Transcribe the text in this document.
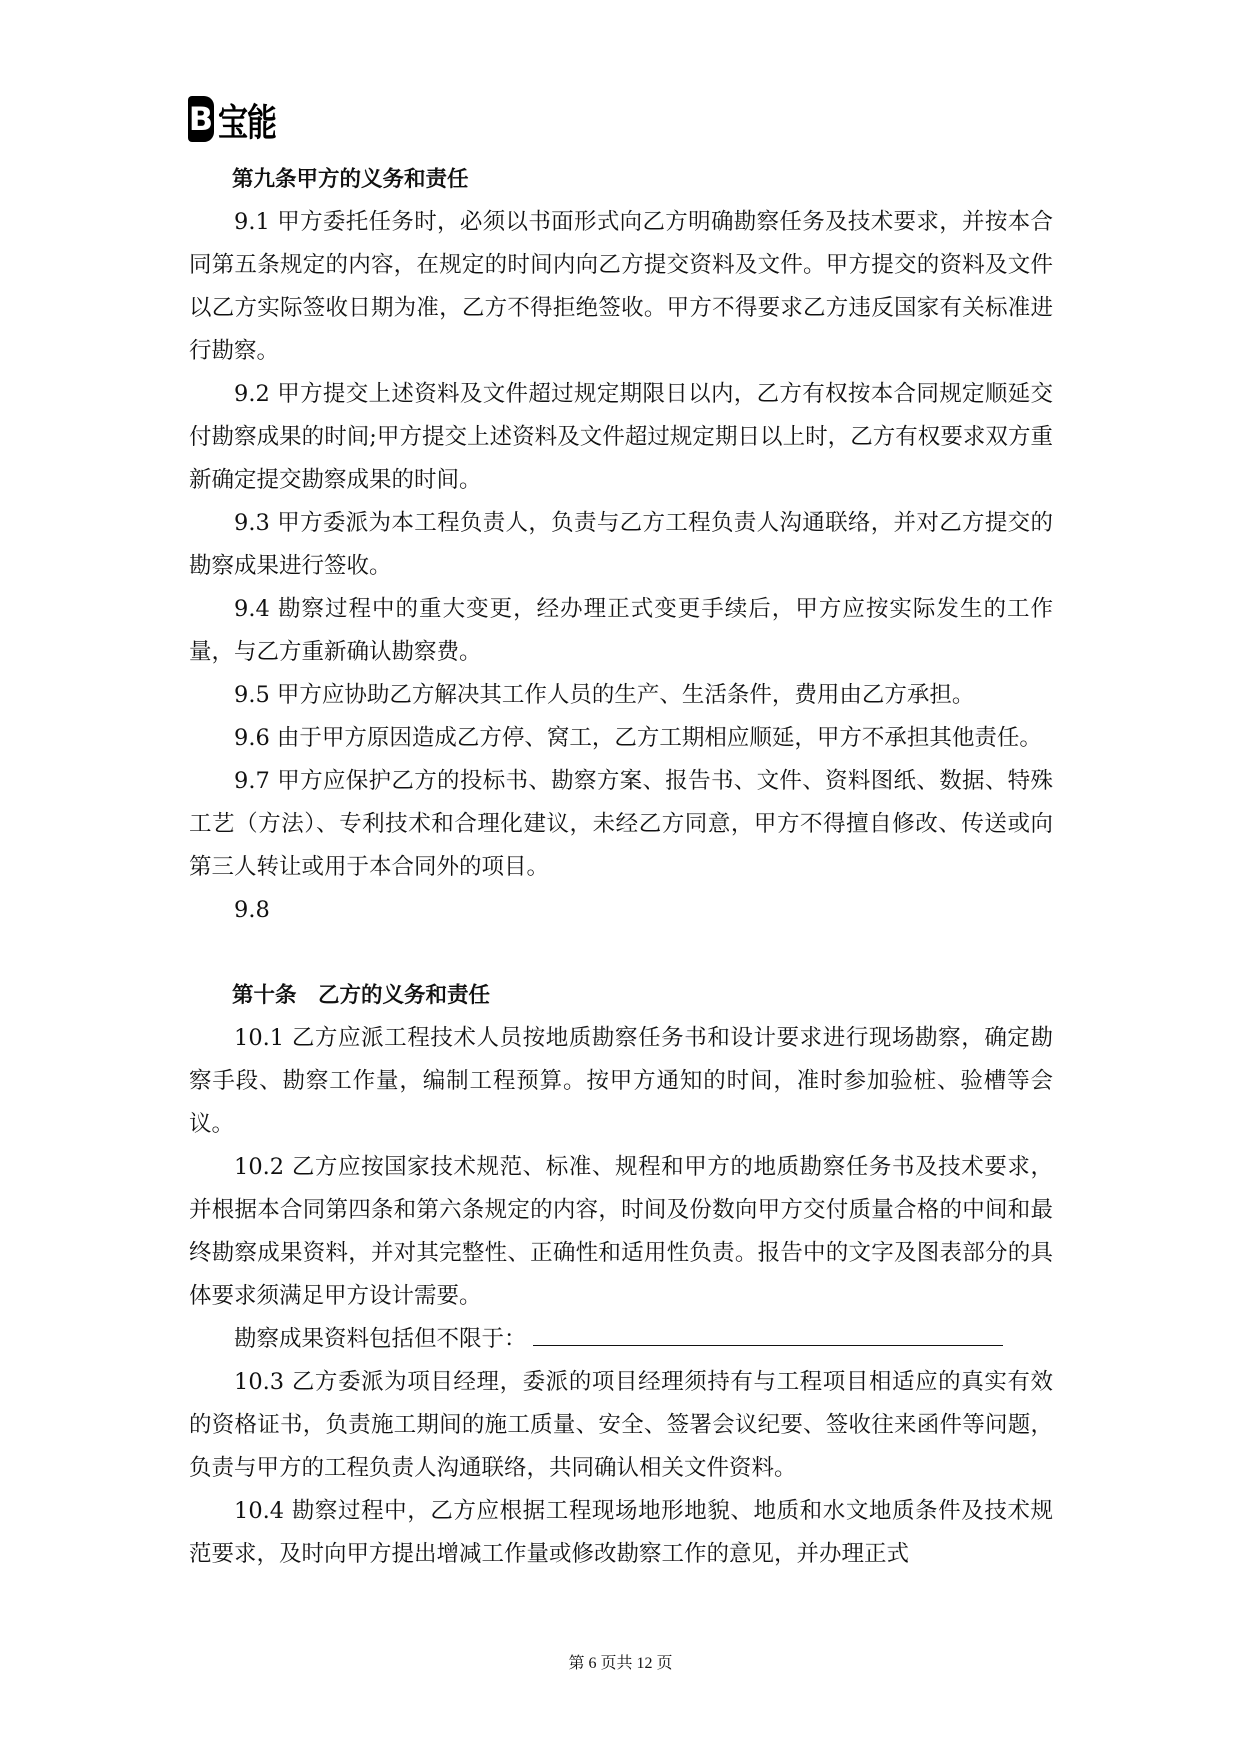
B 宝能

第九条甲方的义务和责任

9.1 甲方委托任务时，必须以书面形式向乙方明确勘察任务及技术要求，并按本合同第五条规定的内容，在规定的时间内向乙方提交资料及文件。甲方提交的资料及文件以乙方实际签收日期为准，乙方不得拒绝签收。甲方不得要求乙方违反国家有关标准进行勘察。

9.2 甲方提交上述资料及文件超过规定期限日以内，乙方有权按本合同规定顺延交付勘察成果的时间;甲方提交上述资料及文件超过规定期日以上时，乙方有权要求双方重新确定提交勘察成果的时间。

9.3 甲方委派为本工程负责人，负责与乙方工程负责人沟通联络，并对乙方提交的勘察成果进行签收。

9.4 勘察过程中的重大变更，经办理正式变更手续后，甲方应按实际发生的工作量，与乙方重新确认勘察费。

9.5 甲方应协助乙方解决其工作人员的生产、生活条件，费用由乙方承担。

9.6 由于甲方原因造成乙方停、窝工，乙方工期相应顺延，甲方不承担其他责任。

9.7 甲方应保护乙方的投标书、勘察方案、报告书、文件、资料图纸、数据、特殊工艺（方法）、专利技术和合理化建议，未经乙方同意，甲方不得擅自修改、传送或向第三人转让或用于本合同外的项目。

9.8

第十条　乙方的义务和责任

10.1 乙方应派工程技术人员按地质勘察任务书和设计要求进行现场勘察，确定勘察手段、勘察工作量，编制工程预算。按甲方通知的时间，准时参加验桩、验槽等会议。

10.2 乙方应按国家技术规范、标准、规程和甲方的地质勘察任务书及技术要求，并根据本合同第四条和第六条规定的内容，时间及份数向甲方交付质量合格的中间和最终勘察成果资料，并对其完整性、正确性和适用性负责。报告中的文字及图表部分的具体要求须满足甲方设计需要。

勘察成果资料包括但不限于：

10.3 乙方委派为项目经理，委派的项目经理须持有与工程项目相适应的真实有效的资格证书，负责施工期间的施工质量、安全、签署会议纪要、签收往来函件等问题，负责与甲方的工程负责人沟通联络，共同确认相关文件资料。

10.4 勘察过程中，乙方应根据工程现场地形地貌、地质和水文地质条件及技术规范要求，及时向甲方提出增减工作量或修改勘察工作的意见，并办理正式

第 6 页共 12 页
